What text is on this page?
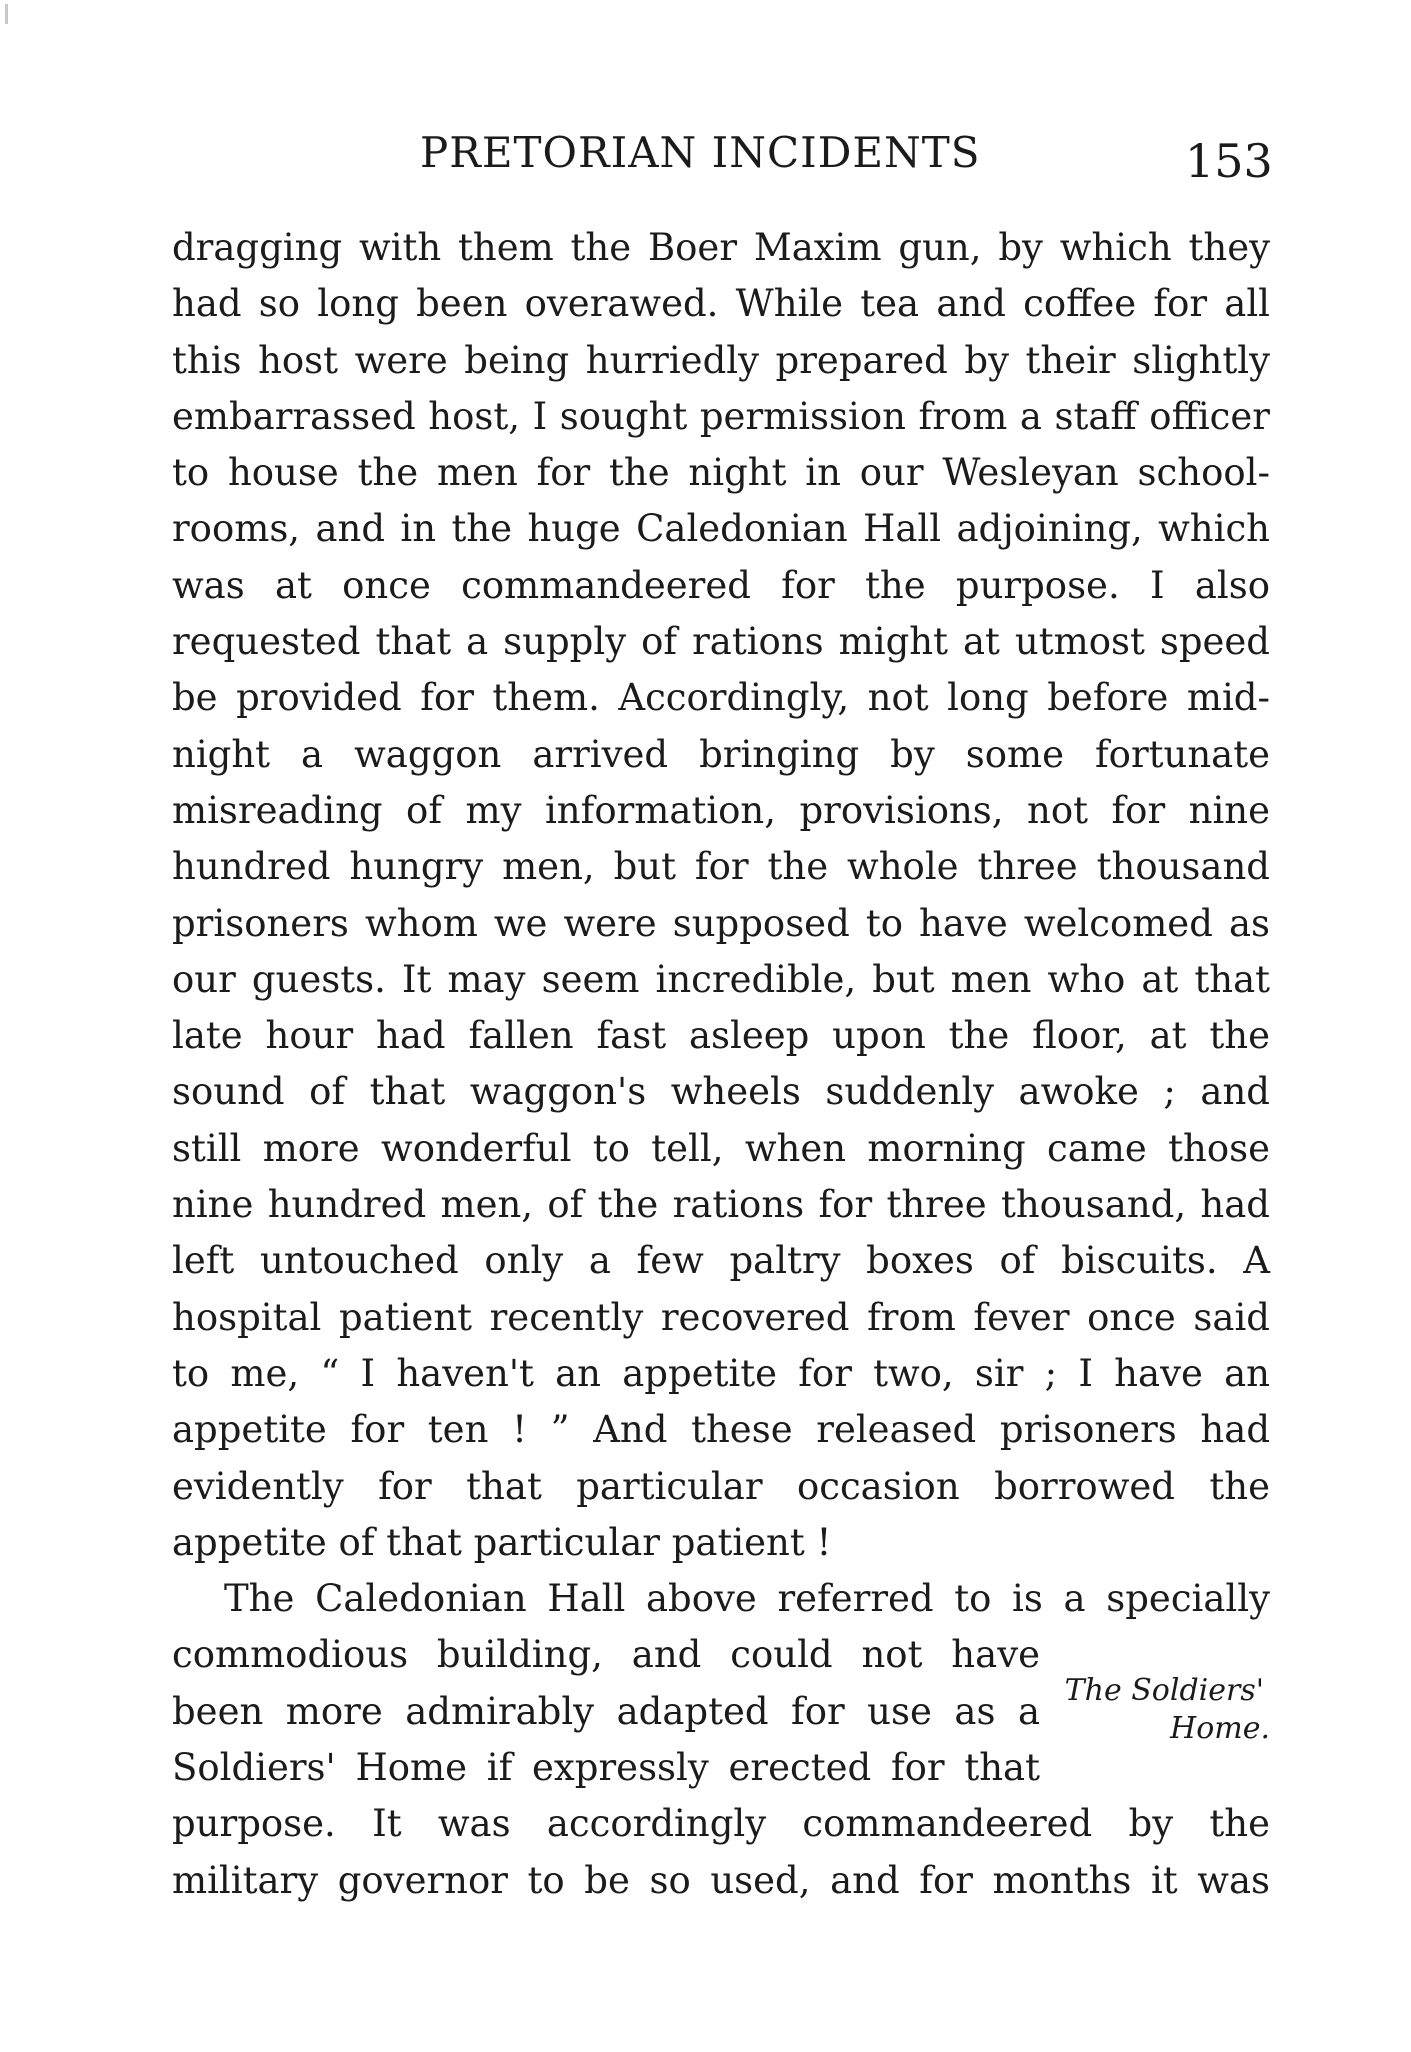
PRETORIAN INCIDENTS	153
dragging with them the Boer Maxim gun, by which they
had so long been overawed. While tea and coffee for all
this host were being hurriedly prepared by their slightly
embarrassed host, I sought permission from a staff officer
to house the men for the night in our Wesleyan school-
rooms, and in the huge Caledonian Hall adjoining, which
was at once commandeered for the purpose. I also
requested that a supply of rations might at utmost speed
be provided for them. Accordingly, not long before mid-
night a waggon arrived bringing by some fortunate
misreading of my information, provisions, not for nine
hundred hungry men, but for the whole three thousand
prisoners whom we were supposed to have welcomed as
our guests. It may seem incredible, but men who at that
late hour had fallen fast asleep upon the floor, at the
sound of that waggon's wheels suddenly awoke ; and
still more wonderful to tell, when morning came those
nine hundred men, of the rations for three thousand, had
left untouched only a few paltry boxes of biscuits. A
hospital patient recently recovered from fever once said
to me, “ I haven't an appetite for two, sir ; I have an
appetite for ten ! ” And these released prisoners had
evidently for that particular occasion borrowed the
appetite of that particular patient !
The Caledonian Hall above referred to is a specially
commodious building, and could not have
been more admirably adapted for use as a
Soldiers' Home if expressly erected for that
purpose. It was accordingly commandeered by the
military governor to be so used, and for months it was
The Soldiers'
Home.
